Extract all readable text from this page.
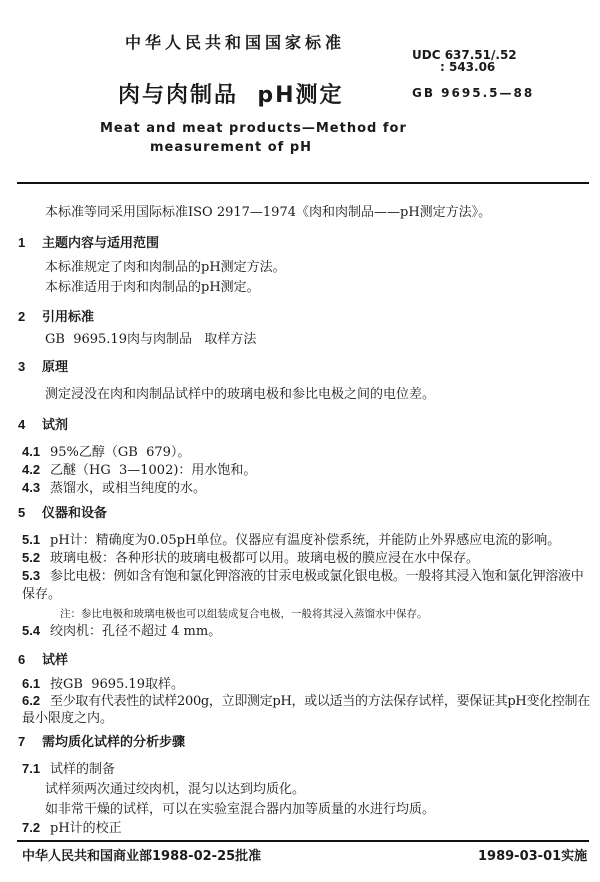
中华人民共和国国家标准
UDC 637.51/.52
: 543.06
肉与肉制品  pH测定	GB 9695.5—88
Meat and meat products—Method for
measurement of pH
本标准等同采用国际标准ISO 2917—1974《肉和肉制品——pH测定方法》。
1 主题内容与适用范围
本标准规定了肉和肉制品的pH测定方法。
本标准适用于肉和肉制品的pH测定。
2 引用标准
GB  9695.19肉与肉制品   取样方法
3 原理
测定浸没在肉和肉制品试样中的玻璃电极和参比电极之间的电位差。
4 试剂
4.1 95%乙醇（GB  679）。
4.2 乙醚（HG  3—1002)：用水饱和。
4.3 蒸馏水，或相当纯度的水。
5 仪器和设备
5.1 pH计：精确度为0.05pH单位。仪器应有温度补偿系统，并能防止外界感应电流的影响。
5.2 玻璃电极：各种形状的玻璃电极都可以用。玻璃电极的膜应浸在水中保存。
5.3 参比电极：例如含有饱和氯化钾溶液的甘汞电极或氯化银电极。一般将其浸入饱和氯化钾溶液中
保存。
注：参比电极和玻璃电极也可以组装成复合电极，一般将其浸入蒸馏水中保存。
5.4 绞肉机：孔径不超过 4 mm。
6 试样
6.1 按GB  9695.19取样。
6.2 至少取有代表性的试样200g，立即测定pH，或以适当的方法保存试样，要保证其pH变化控制在
最小限度之内。
7 需均质化试样的分析步骤
7.1 试样的制备
试样须两次通过绞肉机，混匀以达到均质化。
如非常干燥的试样，可以在实验室混合器内加等质量的水进行均质。
7.2 pH计的校正
中华人民共和国商业部1988-02-25批准	1989-03-01实施
